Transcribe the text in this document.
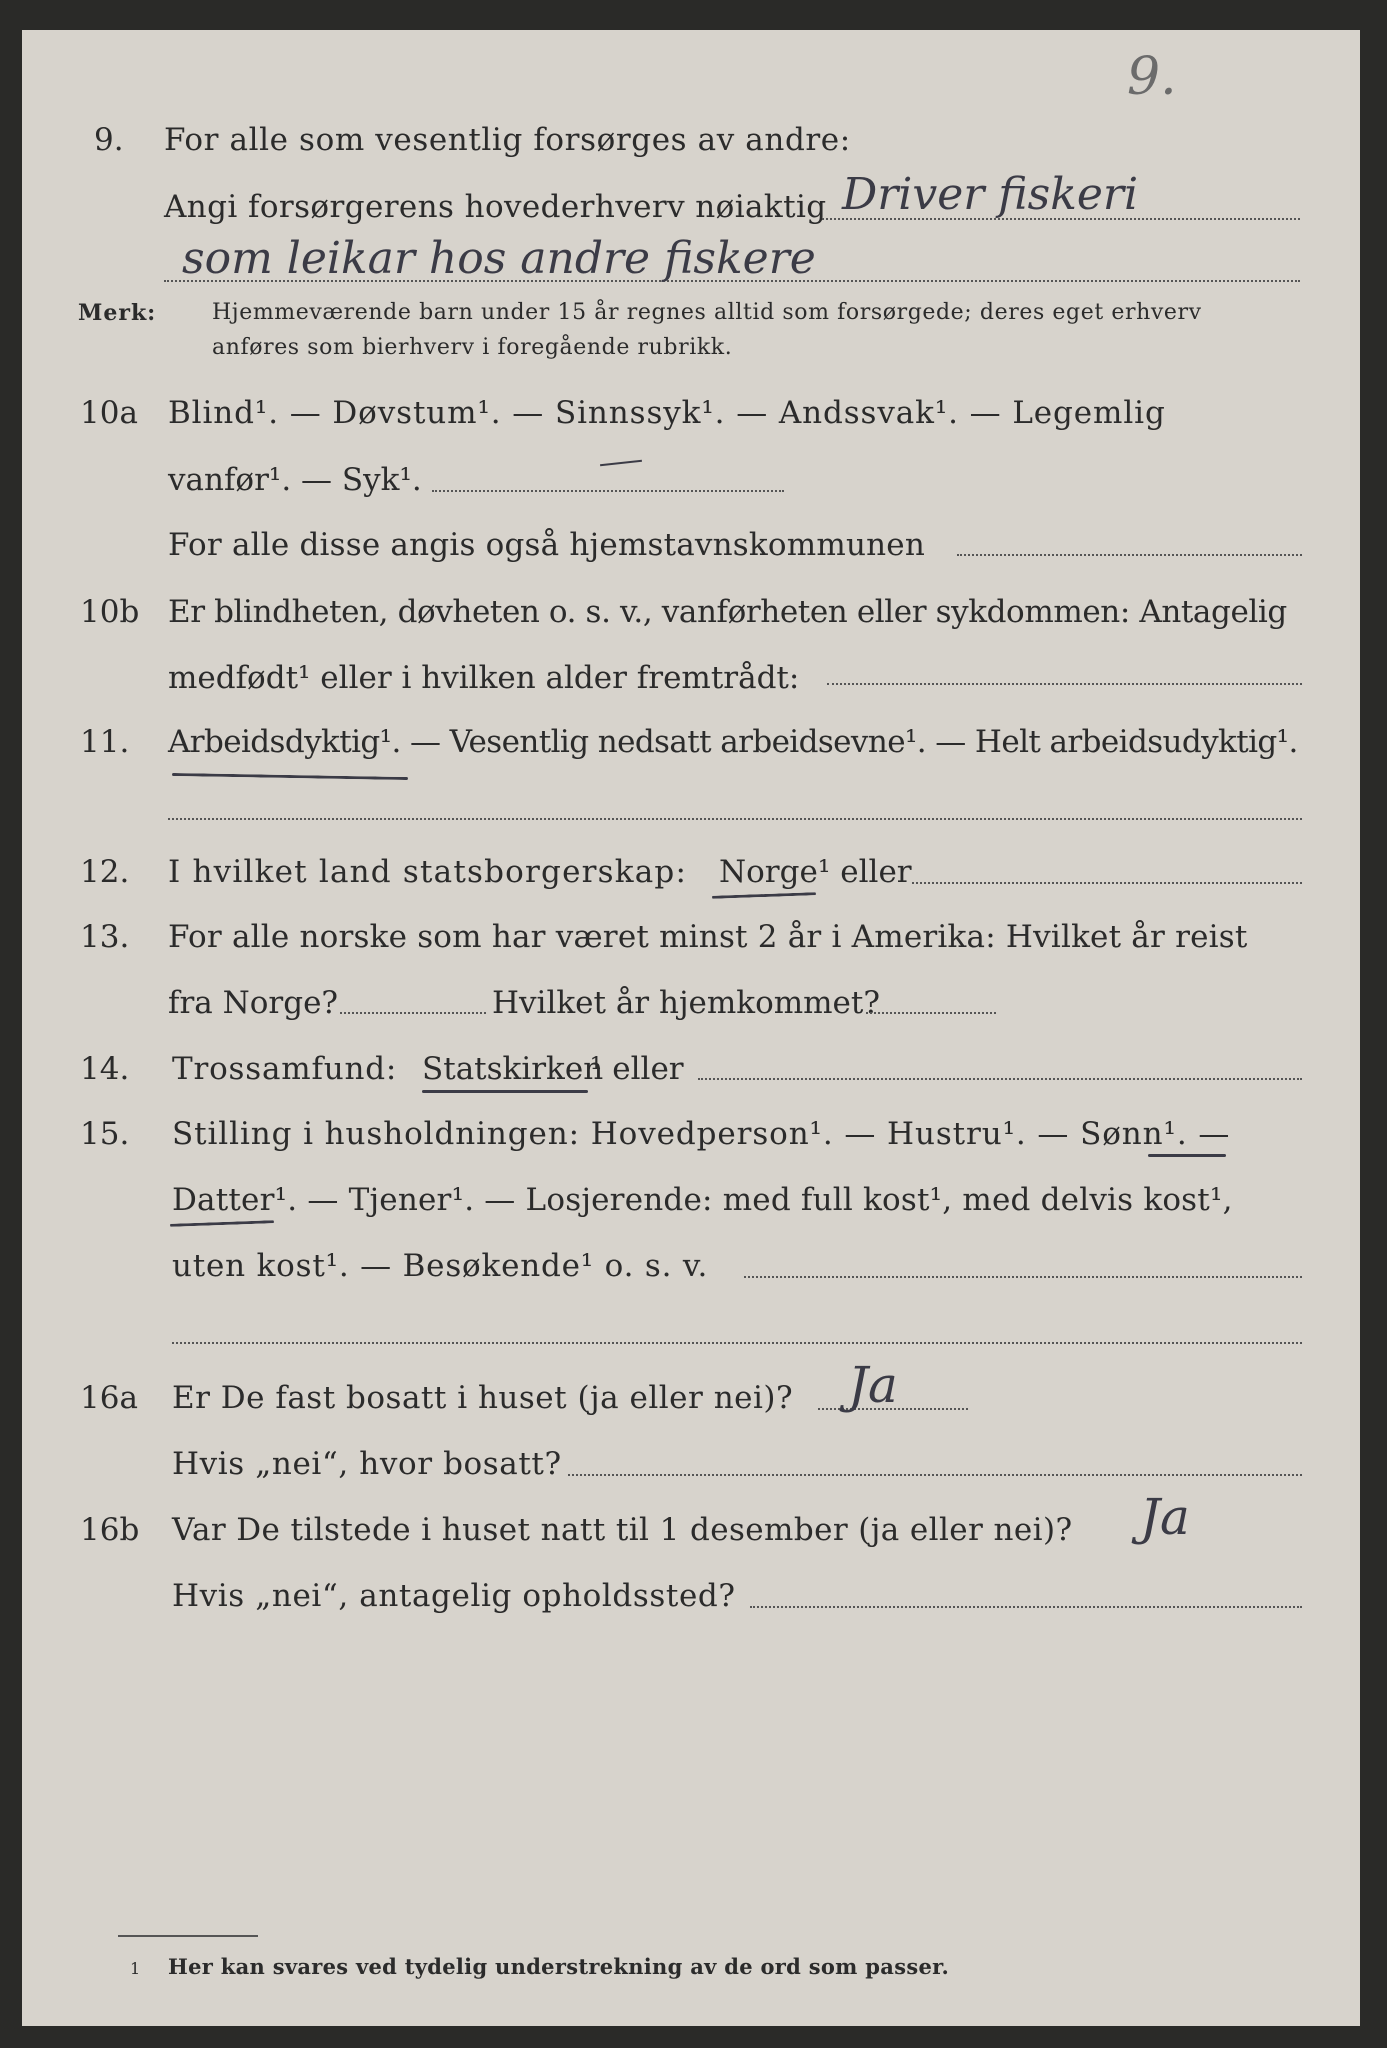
9.
9. For alle som vesentlig forsørges av andre:
Angi forsørgerens hovederhverv nøiaktig Driver fiskeri
som leikar hos andre fiskere
Merk:	Hjemmeværende barn under 15 år regnes alltid som forsørgede; deres eget erhverv
anføres som bierhverv i foregående rubrikk.
10a Blind¹. — Døvstum¹. — Sinnssyk¹. — Andssvak¹. — Legemlig
vanfør¹. — Syk¹.
For alle disse angis også hjemstavnskommunen
10b Er blindheten, døvheten o. s. v., vanførheten eller sykdommen: Antagelig
medfødt¹ eller i hvilken alder fremtrådt:
11. Arbeidsdyktig¹. — Vesentlig nedsatt arbeidsevne¹. — Helt arbeidsudyktig¹.
12. I hvilket land statsborgerskap: Norge ¹ eller
13. For alle norske som har været minst 2 år i Amerika: Hvilket år reist
fra Norge?	Hvilket år hjemkommet?
14. Trossamfund: Statskirken
¹ eller
15. Stilling i husholdningen: Hovedperson¹. — Hustru¹. — Sønn¹. —
Datter¹. — Tjener¹. — Losjerende: med full kost¹, med delvis kost¹,
uten kost¹. — Besøkende¹ o. s. v.
16a Er De fast bosatt i huset (ja eller nei)? Ja
Hvis „nei“, hvor bosatt?
16b Var De tilstede i huset natt til 1 desember (ja eller nei)? Ja
Hvis „nei“, antagelig opholdssted?
1 Her kan svares ved tydelig understrekning av de ord som passer.
